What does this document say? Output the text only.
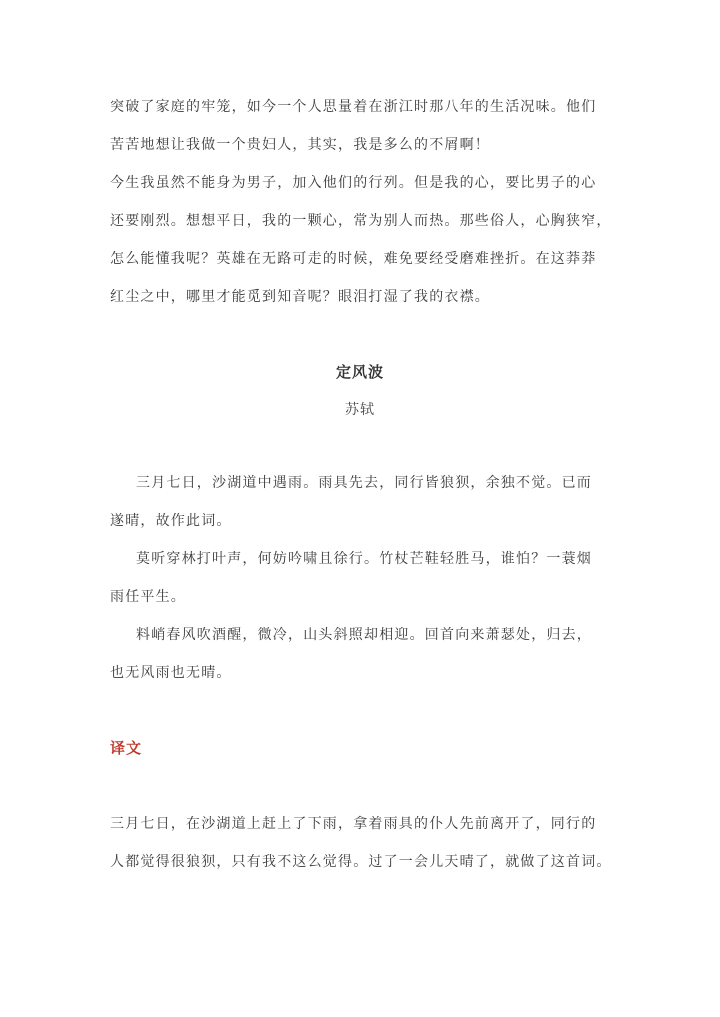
突破了家庭的牢笼，如今一个人思量着在浙江时那八年的生活况味。他们
苦苦地想让我做一个贵妇人，其实，我是多么的不屑啊！
今生我虽然不能身为男子，加入他们的行列。但是我的心，要比男子的心
还要刚烈。想想平日，我的一颗心，常为别人而热。那些俗人，心胸狭窄，
怎么能懂我呢？英雄在无路可走的时候，难免要经受磨难挫折。在这莽莽
红尘之中，哪里才能觅到知音呢？眼泪打湿了我的衣襟。
定风波
苏轼
三月七日，沙湖道中遇雨。雨具先去，同行皆狼狈，余独不觉。已而
遂晴，故作此词。
莫听穿林打叶声，何妨吟啸且徐行。竹杖芒鞋轻胜马，谁怕？一蓑烟
雨任平生。
料峭春风吹酒醒，微冷，山头斜照却相迎。回首向来萧瑟处，归去，
也无风雨也无晴。
译文
三月七日，在沙湖道上赶上了下雨，拿着雨具的仆人先前离开了，同行的
人都觉得很狼狈，只有我不这么觉得。过了一会儿天晴了，就做了这首词。
